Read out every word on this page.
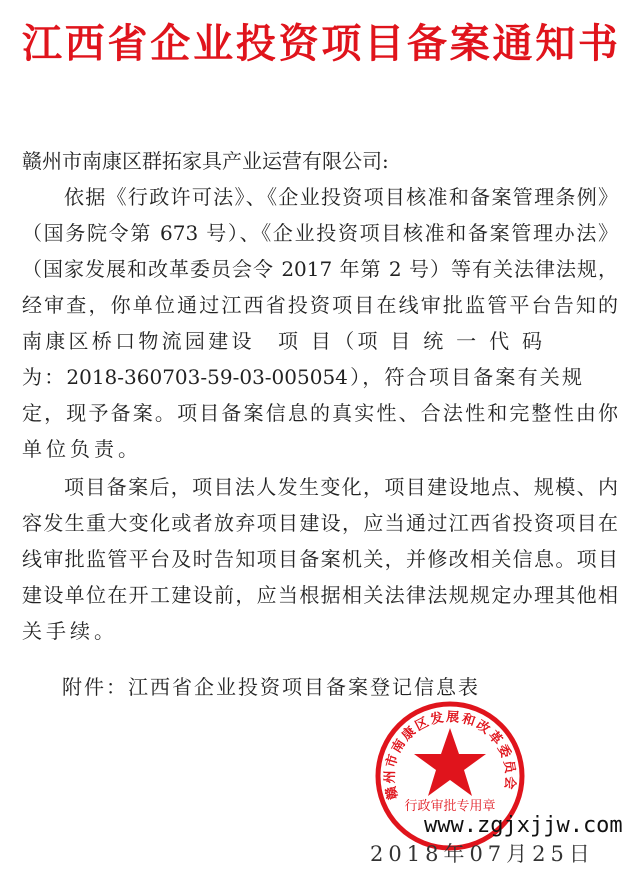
江西省企业投资项目备案通知书
赣州市南康区群拓家具产业运营有限公司:
依据《行政许可法》、《企业投资项目核准和备案管理条例》
（国务院令第 673 号）、《企业投资项目核准和备案管理办法》
（国家发展和改革委员会令 2017 年第 2 号）等有关法律法规，
经审查，你单位通过江西省投资项目在线审批监管平台告知的
南康区桥口物流园建设　项 目（项 目 统 一 代 码
为：2018-360703-59-03-005054），符合项目备案有关规
定，现予备案。项目备案信息的真实性、合法性和完整性由你
单位负责。
项目备案后，项目法人发生变化，项目建设地点、规模、内
容发生重大变化或者放弃项目建设，应当通过江西省投资项目在
线审批监管平台及时告知项目备案机关，并修改相关信息。项目
建设单位在开工建设前，应当根据相关法律法规规定办理其他相
关手续。
附件：江西省企业投资项目备案登记信息表
赣州市南康区发展和改革委员会
行政审批专用章
www.zgjxjjw.com
2018年07月25日
